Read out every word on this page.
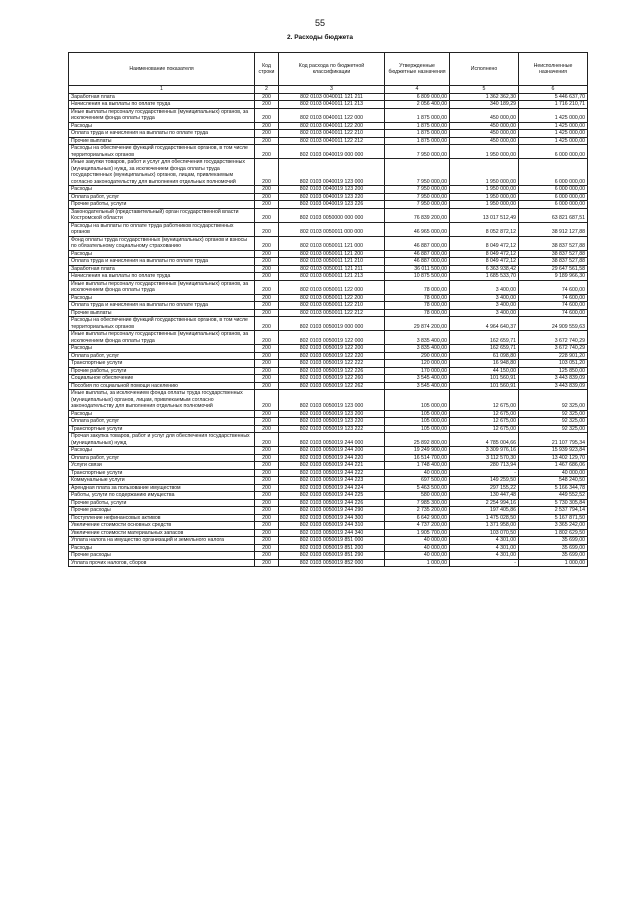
55
2. Расходы бюджета
Наименование показателя	Код строки	Код расхода по бюджетной классификации	Утвержденные бюджетные назначения	Исполнено	Неисполненные назначения
1	2	3	4	5	6
Заработная плата	200	802 0103 0040011 121 211	6 809 000,00	1 362 362,30	5 446 637,70
Начисления на выплаты по оплате труда	200	802 0103 0040011 121 213	2 056 400,00	340 189,29	1 716 210,71
Иные выплаты персоналу государственных (муниципальных) органов, за исключением фонда оплаты труда	200	802 0103 0040011 122 000	1 875 000,00	450 000,00	1 425 000,00
Расходы	200	802 0103 0040011 122 200	1 875 000,00	450 000,00	1 425 000,00
Оплата труда и начисления на выплаты по оплате труда	200	802 0103 0040011 122 210	1 875 000,00	450 000,00	1 425 000,00
Прочие выплаты	200	802 0103 0040011 122 212	1 875 000,00	450 000,00	1 425 000,00
Расходы на обеспечение функций государственных органов, в том числе территориальных органов	200	802 0103 0040019 000 000	7 950 000,00	1 950 000,00	6 000 000,00
Иные закупки товаров, работ и услуг для обеспечения государственных (муниципальных) нужд, за исключением фонда оплаты труда государственных (муниципальных) органов, лицам, привлекаемым согласно законодательству для выполнения отдельных полномочий	200	802 0103 0040019 123 000	7 950 000,00	1 950 000,00	6 000 000,00
Расходы	200	802 0103 0040019 123 200	7 950 000,00	1 950 000,00	6 000 000,00
Оплата работ, услуг	200	802 0103 0040019 123 220	7 950 000,00	1 950 000,00	6 000 000,00
Прочие работы, услуги	200	802 0103 0040019 123 226	7 950 000,00	1 950 000,00	6 000 000,00
Законодательный (представительный) орган государственной власти Костромской области	200	802 0103 0050000 000 000	76 839 200,00	13 017 512,49	63 821 687,51
Расходы на выплаты по оплате труда работников государственных органов	200	802 0103 0050011 000 000	46 965 000,00	8 052 872,12	38 912 127,88
Фонд оплаты труда государственных (муниципальных) органов и взносы по обязательному социальному страхованию	200	802 0103 0050011 121 000	46 887 000,00	8 049 472,12	38 837 527,88
Расходы	200	802 0103 0050011 121 200	46 887 000,00	8 049 472,12	38 837 527,88
Оплата труда и начисления на выплаты по оплате труда	200	802 0103 0050011 121 210	46 887 000,00	8 049 472,12	38 837 527,88
Заработная плата	200	802 0103 0050011 121 211	36 011 500,00	6 363 938,42	29 647 561,58
Начисления на выплаты по оплате труда	200	802 0103 0050011 121 213	10 875 500,00	1 685 533,70	9 189 966,30
Иные выплаты персоналу государственных (муниципальных) органов, за исключением фонда оплаты труда	200	802 0103 0050011 122 000	78 000,00	3 400,00	74 600,00
Расходы	200	802 0103 0050011 122 200	78 000,00	3 400,00	74 600,00
Оплата труда и начисления на выплаты по оплате труда	200	802 0103 0050011 122 210	78 000,00	3 400,00	74 600,00
Прочие выплаты	200	802 0103 0050011 122 212	78 000,00	3 400,00	74 600,00
Расходы на обеспечение функций государственных органов, в том числе территориальных органов	200	802 0103 0050019 000 000	29 874 200,00	4 964 640,37	24 909 559,63
Иные выплаты персоналу государственных (муниципальных) органов, за исключением фонда оплаты труда	200	802 0103 0050019 122 000	3 835 400,00	162 659,71	3 672 740,29
Расходы	200	802 0103 0050019 122 200	3 835 400,00	162 659,71	3 672 740,29
Оплата работ, услуг	200	802 0103 0050019 122 220	290 000,00	61 098,80	228 901,20
Транспортные услуги	200	802 0103 0050019 122 222	120 000,00	16 948,80	103 051,20
Прочие работы, услуги	200	802 0103 0050019 122 226	170 000,00	44 150,00	125 850,00
Социальное обеспечение	200	802 0103 0050019 122 260	3 545 400,00	101 560,91	3 443 839,09
Пособия по социальной помощи населению	200	802 0103 0050019 122 262	3 545 400,00	101 560,91	3 443 839,09
Иные выплаты, за исключением фонда оплаты труда государственных (муниципальных) органов, лицам, привлекаемым согласно законодательству для выполнения отдельных полномочий	200	802 0103 0050019 123 000	105 000,00	12 675,00	92 325,00
Расходы	200	802 0103 0050019 123 200	105 000,00	12 675,00	92 325,00
Оплата работ, услуг	200	802 0103 0050019 123 220	105 000,00	12 675,00	92 325,00
Транспортные услуги	200	802 0103 0050019 123 222	105 000,00	12 675,00	92 325,00
Прочая закупка товаров, работ и услуг для обеспечения государственных (муниципальных) нужд	200	802 0103 0050019 244 000	25 892 800,00	4 785 004,66	21 107 795,34
Расходы	200	802 0103 0050019 244 200	19 249 900,00	3 309 976,16	15 939 923,84
Оплата работ, услуг	200	802 0103 0050019 244 220	16 514 700,00	3 112 570,30	13 402 129,70
Услуги связи	200	802 0103 0050019 244 221	1 748 400,00	280 713,94	1 467 686,06
Транспортные услуги	200	802 0103 0050019 244 222	40 000,00	-	40 000,00
Коммунальные услуги	200	802 0103 0050019 244 223	697 500,00	149 259,50	548 240,50
Арендная плата за пользование имуществом	200	802 0103 0050019 244 224	5 463 500,00	297 155,22	5 166 344,78
Работы, услуги по содержанию имущества	200	802 0103 0050019 244 225	580 000,00	130 447,48	449 552,52
Прочие работы, услуги	200	802 0103 0050019 244 226	7 985 300,00	2 254 994,16	5 730 305,84
Прочие расходы	200	802 0103 0050019 244 290	2 735 200,00	197 405,86	2 537 794,14
Поступление нефинансовых активов	200	802 0103 0050019 244 300	6 642 900,00	1 475 028,50	5 167 871,50
Увеличение стоимости основных средств	200	802 0103 0050019 244 310	4 737 200,00	1 371 958,00	3 365 242,00
Увеличение стоимости материальных запасов	200	802 0103 0050019 244 340	1 905 700,00	103 070,50	1 802 629,50
Уплата налога на имущество организаций и земельного налога	200	802 0103 0050019 851 000	40 000,00	4 301,00	35 699,00
Расходы	200	802 0103 0050019 851 200	40 000,00	4 301,00	35 699,00
Прочие расходы	200	802 0103 0050019 851 290	40 000,00	4 301,00	35 699,00
Уплата прочих налогов, сборов	200	802 0103 0050019 852 000	1 000,00	-	1 000,00
